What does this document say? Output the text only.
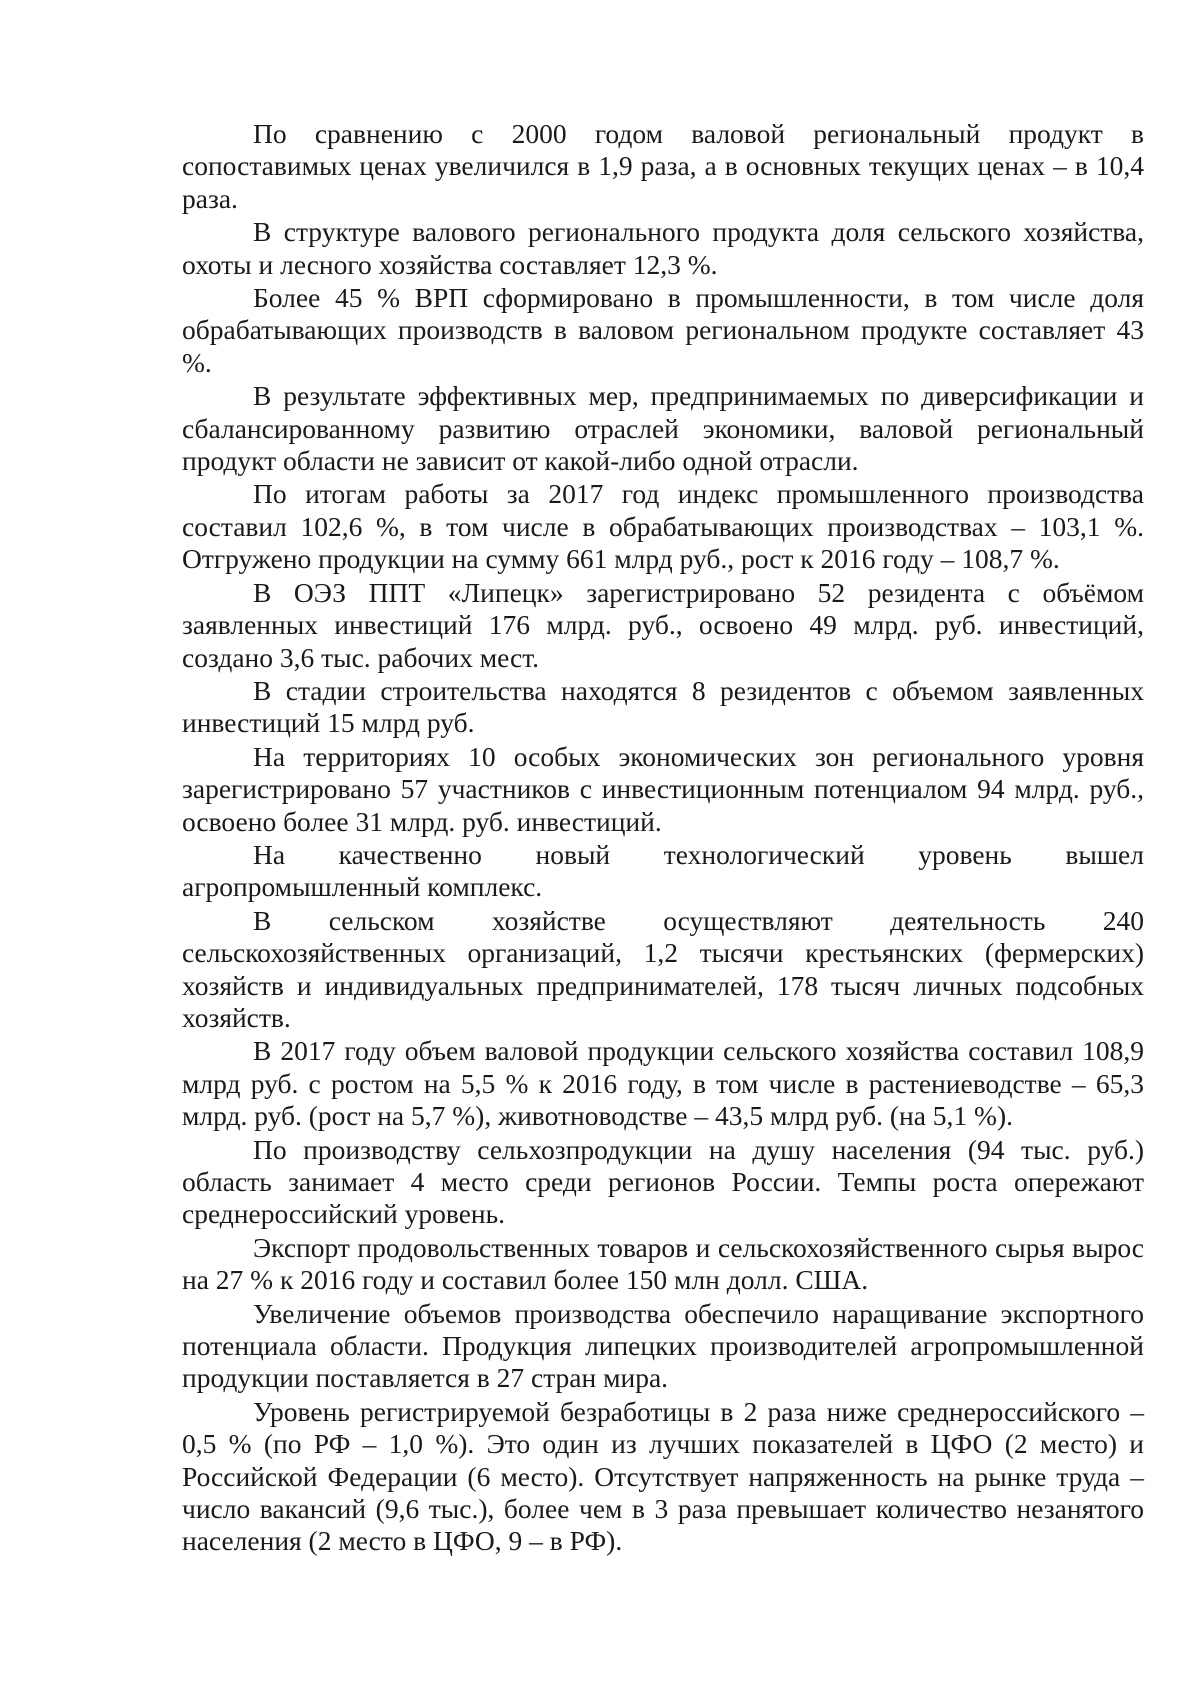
По сравнению с 2000 годом валовой региональный продукт в сопоставимых ценах увеличился в 1,9 раза, а в основных текущих ценах – в 10,4 раза.

В структуре валового регионального продукта доля сельского хозяйства, охоты и лесного хозяйства составляет 12,3 %.

Более 45 % ВРП сформировано в промышленности, в том числе доля обрабатывающих производств в валовом региональном продукте составляет 43 %.

В результате эффективных мер, предпринимаемых по диверсификации и сбалансированному развитию отраслей экономики, валовой региональный продукт области не зависит от какой-либо одной отрасли.

По итогам работы за 2017 год индекс промышленного производства составил 102,6 %, в том числе в обрабатывающих производствах – 103,1 %. Отгружено продукции на сумму 661 млрд руб., рост к 2016 году – 108,7 %.

В ОЭЗ ППТ «Липецк» зарегистрировано 52 резидента с объёмом заявленных инвестиций 176 млрд. руб., освоено 49 млрд. руб. инвестиций, создано 3,6 тыс. рабочих мест.

В стадии строительства находятся 8 резидентов с объемом заявленных инвестиций 15 млрд руб.

На территориях 10 особых экономических зон регионального уровня зарегистрировано 57 участников с инвестиционным потенциалом 94 млрд. руб., освоено более 31 млрд. руб. инвестиций.

На качественно новый технологический уровень вышел агропромышленный комплекс.

В сельском хозяйстве осуществляют деятельность 240 сельскохозяйственных организаций, 1,2 тысячи крестьянских (фермерских) хозяйств и индивидуальных предпринимателей, 178 тысяч личных подсобных хозяйств.

В 2017 году объем валовой продукции сельского хозяйства составил 108,9 млрд руб. с ростом на 5,5 % к 2016 году, в том числе в растениеводстве – 65,3 млрд. руб. (рост на 5,7 %), животноводстве – 43,5 млрд руб. (на 5,1 %).

По производству сельхозпродукции на душу населения (94 тыс. руб.) область занимает 4 место среди регионов России. Темпы роста опережают среднероссийский уровень.

Экспорт продовольственных товаров и сельскохозяйственного сырья вырос на 27 % к 2016 году и составил более 150 млн долл. США.

Увеличение объемов производства обеспечило наращивание экспортного потенциала области. Продукция липецких производителей агропромышленной продукции поставляется в 27 стран мира.

Уровень регистрируемой безработицы в 2 раза ниже среднероссийского – 0,5 % (по РФ – 1,0 %). Это один из лучших показателей в ЦФО (2 место) и Российской Федерации (6 место). Отсутствует напряженность на рынке труда – число вакансий (9,6 тыс.), более чем в 3 раза превышает количество незанятого населения (2 место в ЦФО, 9 – в РФ).
